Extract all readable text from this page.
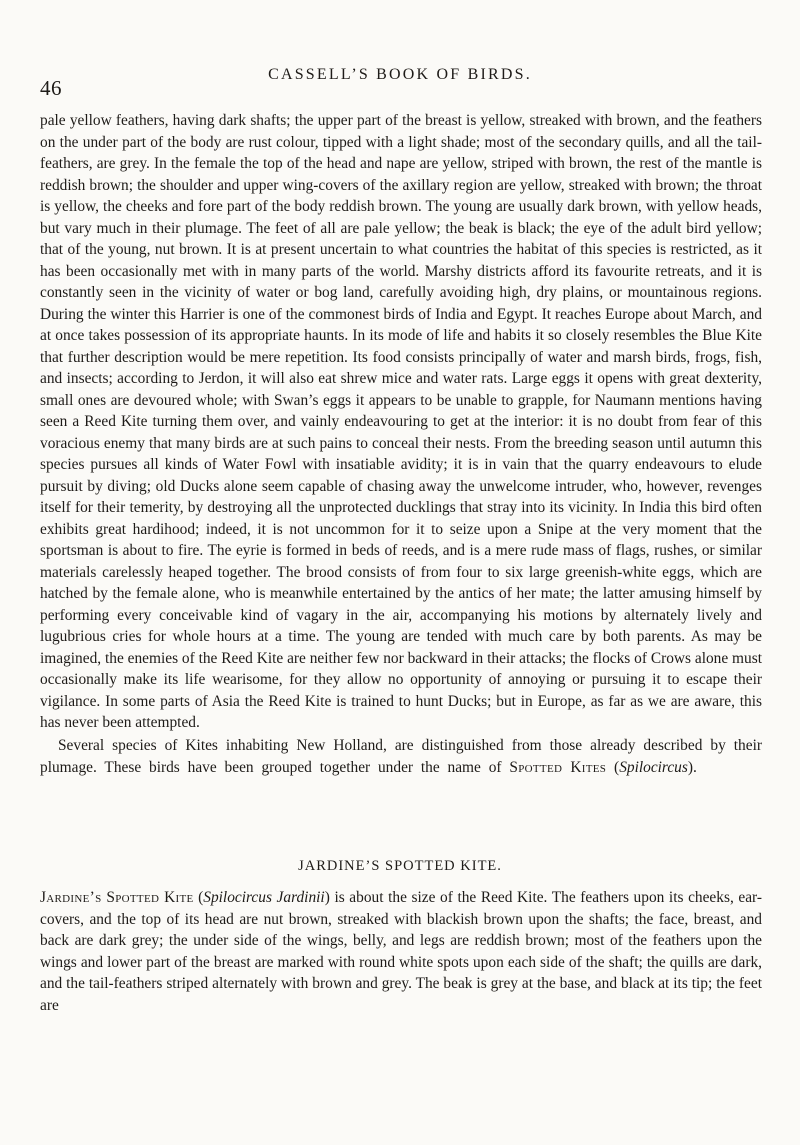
46
CASSELL’S BOOK OF BIRDS.

pale yellow feathers, having dark shafts; the upper part of the breast is yellow, streaked with brown, and the feathers on the under part of the body are rust colour, tipped with a light shade; most of the secondary quills, and all the tail-feathers, are grey. In the female the top of the head and nape are yellow, striped with brown, the rest of the mantle is reddish brown; the shoulder and upper wing-covers of the axillary region are yellow, streaked with brown; the throat is yellow, the cheeks and fore part of the body reddish brown. The young are usually dark brown, with yellow heads, but vary much in their plumage. The feet of all are pale yellow; the beak is black; the eye of the adult bird yellow; that of the young, nut brown. It is at present uncertain to what countries the habitat of this species is restricted, as it has been occasionally met with in many parts of the world. Marshy districts afford its favourite retreats, and it is constantly seen in the vicinity of water or bog land, carefully avoiding high, dry plains, or mountainous regions. During the winter this Harrier is one of the commonest birds of India and Egypt. It reaches Europe about March, and at once takes possession of its appropriate haunts. In its mode of life and habits it so closely resembles the Blue Kite that further description would be mere repetition. Its food consists principally of water and marsh birds, frogs, fish, and insects; according to Jerdon, it will also eat shrew mice and water rats. Large eggs it opens with great dexterity, small ones are devoured whole; with Swan’s eggs it appears to be unable to grapple, for Naumann mentions having seen a Reed Kite turning them over, and vainly endeavouring to get at the interior: it is no doubt from fear of this voracious enemy that many birds are at such pains to conceal their nests. From the breeding season until autumn this species pursues all kinds of Water Fowl with insatiable avidity; it is in vain that the quarry endeavours to elude pursuit by diving; old Ducks alone seem capable of chasing away the unwelcome intruder, who, however, revenges itself for their temerity, by destroying all the unprotected ducklings that stray into its vicinity. In India this bird often exhibits great hardihood; indeed, it is not uncommon for it to seize upon a Snipe at the very moment that the sportsman is about to fire. The eyrie is formed in beds of reeds, and is a mere rude mass of flags, rushes, or similar materials carelessly heaped together. The brood consists of from four to six large greenish-white eggs, which are hatched by the female alone, who is meanwhile entertained by the antics of her mate; the latter amusing himself by performing every conceivable kind of vagary in the air, accompanying his motions by alternately lively and lugubrious cries for whole hours at a time. The young are tended with much care by both parents. As may be imagined, the enemies of the Reed Kite are neither few nor backward in their attacks; the flocks of Crows alone must occasionally make its life wearisome, for they allow no opportunity of annoying or pursuing it to escape their vigilance. In some parts of Asia the Reed Kite is trained to hunt Ducks; but in Europe, as far as we are aware, this has never been attempted.

Several species of Kites inhabiting New Holland, are distinguished from those already described by their plumage. These birds have been grouped together under the name of Spotted Kites (Spilocircus).

JARDINE’S SPOTTED KITE.

Jardine’s Spotted Kite (Spilocircus Jardinii) is about the size of the Reed Kite. The feathers upon its cheeks, ear-covers, and the top of its head are nut brown, streaked with blackish brown upon the shafts; the face, breast, and back are dark grey; the under side of the wings, belly, and legs are reddish brown; most of the feathers upon the wings and lower part of the breast are marked with round white spots upon each side of the shaft; the quills are dark, and the tail-feathers striped alternately with brown and grey. The beak is grey at the base, and black at its tip; the feet are
